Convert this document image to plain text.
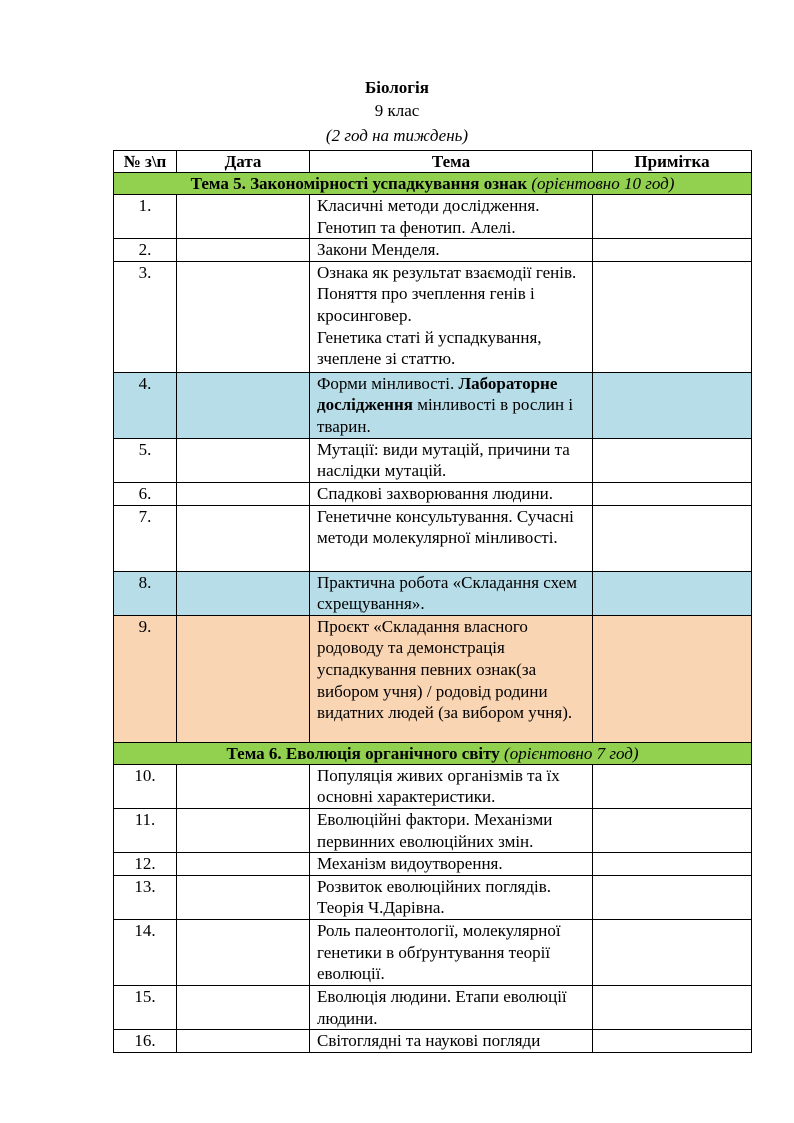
Біологія
9 клас
(2 год на тиждень)
№ з\п	Дата	Тема	Примітка
Тема 5. Закономірності успадкування ознак (орієнтовно 10 год)			
1.		Класичні методи дослідження. Генотип та фенотип. Алелі.	
2.		Закони Менделя.	
3.		Ознака як результат взаємодії генів. Поняття про зчеплення генів і кросинговер.
Генетика статі й успадкування, зчеплене зі статтю.	

4.		Форми мінливості. Лабораторне дослідження мінливості в рослин і тварин.	
5.		Мутації: види мутацій, причини та наслідки мутацій.	
6.		Спадкові захворювання людини.	
7.		Генетичне консультування. Сучасні методи молекулярної мінливості.	
8.		Практична робота «Складання схем схрещування».	
9.		Проєкт «Складання власного родоводу та демонстрація успадкування певних ознак(за вибором учня) / родовід родини видатних людей (за вибором учня).	
Тема 6. Еволюція органічного світу (орієнтовно 7 год)			
10.		Популяція живих організмів та їх основні характеристики.	
11.		Еволюційні фактори. Механізми первинних еволюційних змін.	
12.		Механізм видоутворення.	
13.		Розвиток еволюційних поглядів. Теорія Ч.Дарівна.	
14.		Роль палеонтології, молекулярної генетики в обґрунтування теорії еволюції.	
15.		Еволюція людини. Етапи еволюції людини.	
16.		Світоглядні та наукові погляди	
